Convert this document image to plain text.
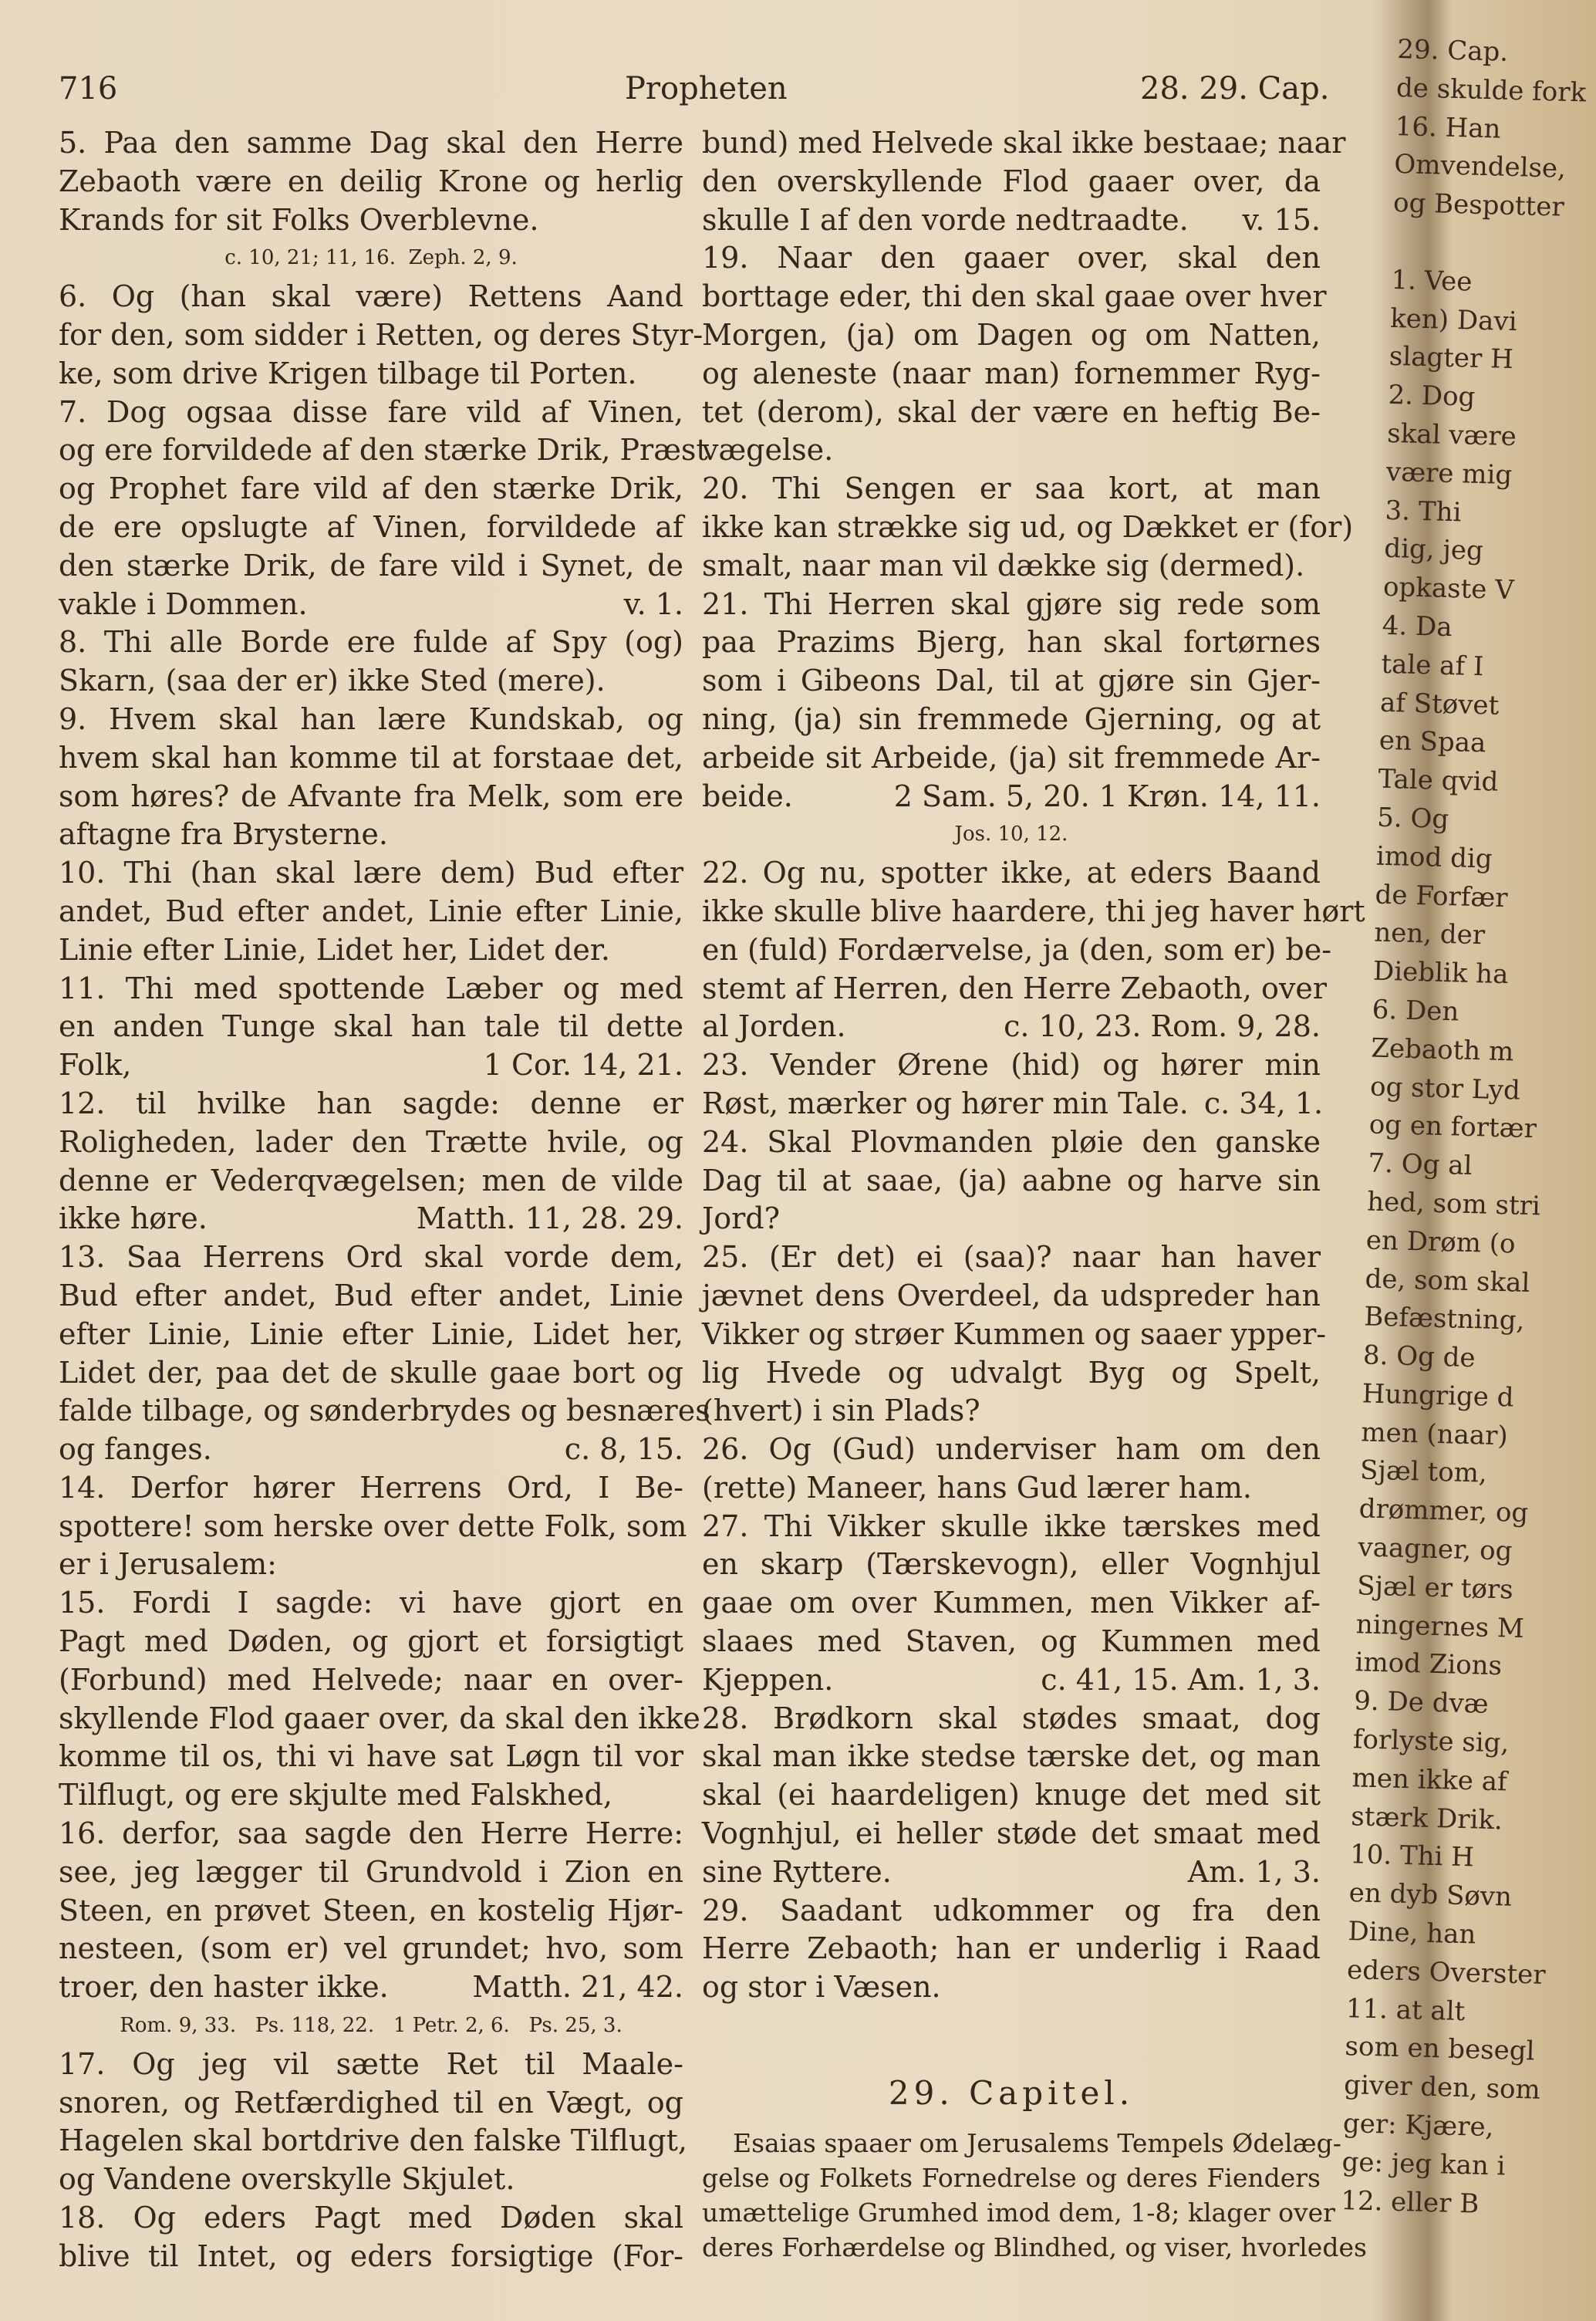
716	Propheten	28. 29. Cap.
5. Paa den samme Dag skal den Herre
Zebaoth være en deilig Krone og herlig
Krands for sit Folks Overblevne.
c. 10, 21; 11, 16.  Zeph. 2, 9.
6. Og (han skal være) Rettens Aand
for den, som sidder i Retten, og deres Styr-
ke, som drive Krigen tilbage til Porten.
7. Dog ogsaa disse fare vild af Vinen,
og ere forvildede af den stærke Drik, Præst
og Prophet fare vild af den stærke Drik,
de ere opslugte af Vinen, forvildede af
den stærke Drik, de fare vild i Synet, de
vakle i Dommen.	v. 1.
8. Thi alle Borde ere fulde af Spy (og)
Skarn, (saa der er) ikke Sted (mere).
9. Hvem skal han lære Kundskab, og
hvem skal han komme til at forstaae det,
som høres? de Afvante fra Melk, som ere
aftagne fra Brysterne.
10. Thi (han skal lære dem) Bud efter
andet, Bud efter andet, Linie efter Linie,
Linie efter Linie, Lidet her, Lidet der.
11. Thi med spottende Læber og med
en anden Tunge skal han tale til dette
Folk,	1 Cor. 14, 21.
12. til hvilke han sagde: denne er
Roligheden, lader den Trætte hvile, og
denne er Vederqvægelsen; men de vilde
ikke høre.	Matth. 11, 28. 29.
13. Saa Herrens Ord skal vorde dem,
Bud efter andet, Bud efter andet, Linie
efter Linie, Linie efter Linie, Lidet her,
Lidet der, paa det de skulle gaae bort og
falde tilbage, og sønderbrydes og besnæres
og fanges.	c. 8, 15.
14. Derfor hører Herrens Ord, I Be-
spottere! som herske over dette Folk, som
er i Jerusalem:
15. Fordi I sagde: vi have gjort en
Pagt med Døden, og gjort et forsigtigt
(Forbund) med Helvede; naar en over-
skyllende Flod gaaer over, da skal den ikke
komme til os, thi vi have sat Løgn til vor
Tilflugt, og ere skjulte med Falskhed,
16. derfor, saa sagde den Herre Herre:
see, jeg lægger til Grundvold i Zion en
Steen, en prøvet Steen, en kostelig Hjør-
nesteen, (som er) vel grundet; hvo, som
troer, den haster ikke.	Matth. 21, 42.
Rom. 9, 33.   Ps. 118, 22.   1 Petr. 2, 6.   Ps. 25, 3.
17. Og jeg vil sætte Ret til Maale-
snoren, og Retfærdighed til en Vægt, og
Hagelen skal bortdrive den falske Tilflugt,
og Vandene overskylle Skjulet.
18. Og eders Pagt med Døden skal
blive til Intet, og eders forsigtige (For-
bund) med Helvede skal ikke bestaae; naar
den overskyllende Flod gaaer over, da
skulle I af den vorde nedtraadte.	v. 15.
19. Naar den gaaer over, skal den
borttage eder, thi den skal gaae over hver
Morgen, (ja) om Dagen og om Natten,
og aleneste (naar man) fornemmer Ryg-
tet (derom), skal der være en heftig Be-
vægelse.
20. Thi Sengen er saa kort, at man
ikke kan strække sig ud, og Dækket er (for)
smalt, naar man vil dække sig (dermed).
21. Thi Herren skal gjøre sig rede som
paa Prazims Bjerg, han skal fortørnes
som i Gibeons Dal, til at gjøre sin Gjer-
ning, (ja) sin fremmede Gjerning, og at
arbeide sit Arbeide, (ja) sit fremmede Ar-
beide.	2 Sam. 5, 20. 1 Krøn. 14, 11.
Jos. 10, 12.
22. Og nu, spotter ikke, at eders Baand
ikke skulle blive haardere, thi jeg haver hørt
en (fuld) Fordærvelse, ja (den, som er) be-
stemt af Herren, den Herre Zebaoth, over
al Jorden.	c. 10, 23. Rom. 9, 28.
23. Vender Ørene (hid) og hører min
Røst, mærker og hører min Tale. c. 34, 1.
24. Skal Plovmanden pløie den ganske
Dag til at saae, (ja) aabne og harve sin
Jord?
25. (Er det) ei (saa)? naar han haver
jævnet dens Overdeel, da udspreder han
Vikker og strøer Kummen og saaer ypper-
lig Hvede og udvalgt Byg og Spelt,
(hvert) i sin Plads?
26. Og (Gud) underviser ham om den
(rette) Maneer, hans Gud lærer ham.
27. Thi Vikker skulle ikke tærskes med
en skarp (Tærskevogn), eller Vognhjul
gaae om over Kummen, men Vikker af-
slaaes med Staven, og Kummen med
Kjeppen.	c. 41, 15. Am. 1, 3.
28. Brødkorn skal stødes smaat, dog
skal man ikke stedse tærske det, og man
skal (ei haardeligen) knuge det med sit
Vognhjul, ei heller støde det smaat med
sine Ryttere.	Am. 1, 3.
29. Saadant udkommer og fra den
Herre Zebaoth; han er underlig i Raad
og stor i Væsen.
29. Capitel.
Esaias spaaer om Jerusalems Tempels Ødelæg-
gelse og Folkets Fornedrelse og deres Fienders
umættelige Grumhed imod dem, 1-8; klager over
deres Forhærdelse og Blindhed, og viser, hvorledes
29. Cap.
de skulde fork
16. Han
Omvendelse,
og Bespotter
1. Vee
ken) Davi
slagter H
2. Dog
skal være
være mig
3. Thi
dig, jeg
opkaste V
4. Da
tale af I
af Støvet
en Spaa
Tale qvid
5. Og
imod dig
de Forfær
nen, der
Dieblik ha
6. Den
Zebaoth m
og stor Lyd
og en fortær
7. Og al
hed, som stri
en Drøm (o
de, som skal
Befæstning,
8. Og de
Hungrige d
men (naar)
Sjæl tom,
drømmer, og
vaagner, og
Sjæl er tørs
ningernes M
imod Zions
9. De dvæ
forlyste sig,
men ikke af
stærk Drik.
10. Thi H
en dyb Søvn
Dine, han
eders Overster
11. at alt
som en besegl
giver den, som
ger: Kjære,
ge: jeg kan i
12. eller B
